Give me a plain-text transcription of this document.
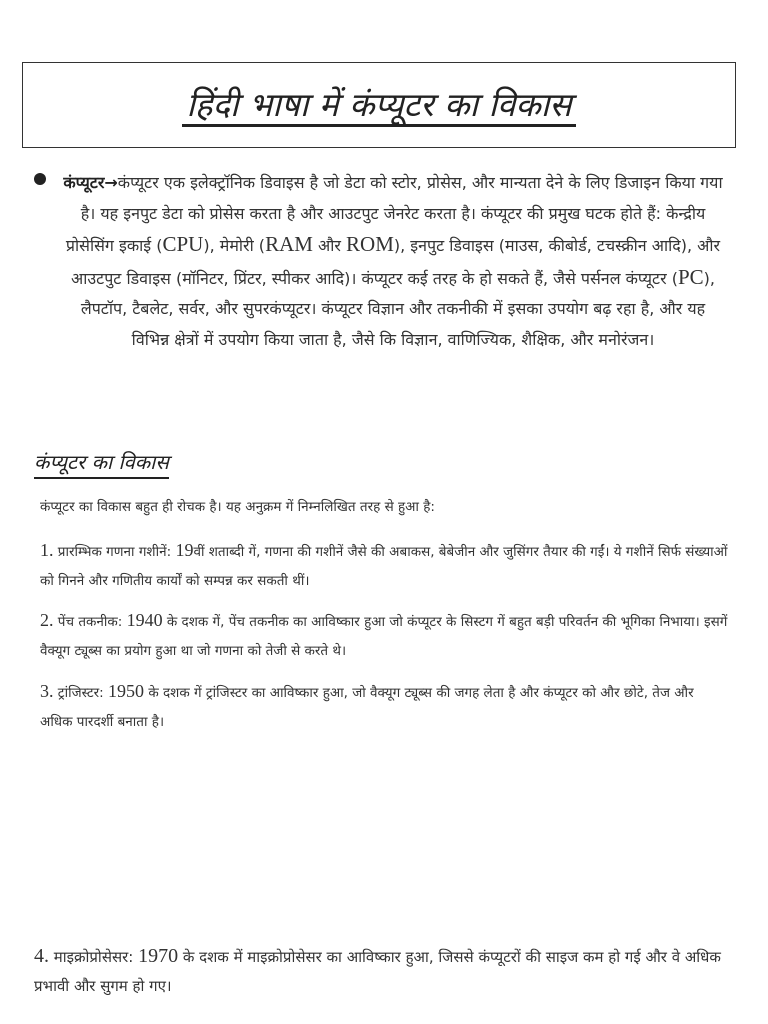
हिंदी भाषा में कंप्यूटर का विकास
कंप्यूटर→कंप्यूटर एक इलेक्ट्रॉनिक डिवाइस है जो डेटा को स्टोर, प्रोसेस, और मान्यता देने के लिए डिजाइन किया गया है। यह इनपुट डेटा को प्रोसेस करता है और आउटपुट जेनरेट करता है। कंप्यूटर की प्रमुख घटक होते हैं: केन्द्रीय प्रोसेसिंग इकाई (CPU), मेमोरी (RAM और ROM), इनपुट डिवाइस (माउस, कीबोर्ड, टचस्क्रीन आदि), और आउटपुट डिवाइस (मॉनिटर, प्रिंटर, स्पीकर आदि)। कंप्यूटर कई तरह के हो सकते हैं, जैसे पर्सनल कंप्यूटर (PC), लैपटॉप, टैबलेट, सर्वर, और सुपरकंप्यूटर। कंप्यूटर विज्ञान और तकनीकी में इसका उपयोग बढ़ रहा है, और यह विभिन्न क्षेत्रों में उपयोग किया जाता है, जैसे कि विज्ञान, वाणिज्यिक, शैक्षिक, और मनोरंजन।
कंप्यूटर का विकास
कंप्यूटर का विकास बहुत ही रोचक है। यह अनुक्रम गें निम्नलिखित तरह से हुआ है:
1. प्रारम्भिक गणना गशीनें: 19वीं शताब्दी गें, गणना की गशीनें जैसे की अबाकस, बेबेजीन और जुसिंगर तैयार की गईं। ये गशीनें सिर्फ संख्याओं को गिनने और गणितीय कार्यों को सम्पन्न कर सकती थीं।
2. पेंच तकनीक: 1940 के दशक गें, पेंच तकनीक का आविष्कार हुआ जो कंप्यूटर के सिस्टग गें बहुत बड़ी परिवर्तन की भूगिका निभाया। इसगें वैक्यूग ट्यूब्स का प्रयोग हुआ था जो गणना को तेजी से करते थे।
3. ट्रांजिस्टर: 1950 के दशक गें ट्रांजिस्टर का आविष्कार हुआ, जो वैक्यूग ट्यूब्स की जगह लेता है और कंप्यूटर को और छोटे, तेज और अधिक पारदर्शी बनाता है।
4. माइक्रोप्रोसेसर: 1970 के दशक में माइक्रोप्रोसेसर का आविष्कार हुआ, जिससे कंप्यूटरों की साइज कम हो गई और वे अधिक प्रभावी और सुगम हो गए।
